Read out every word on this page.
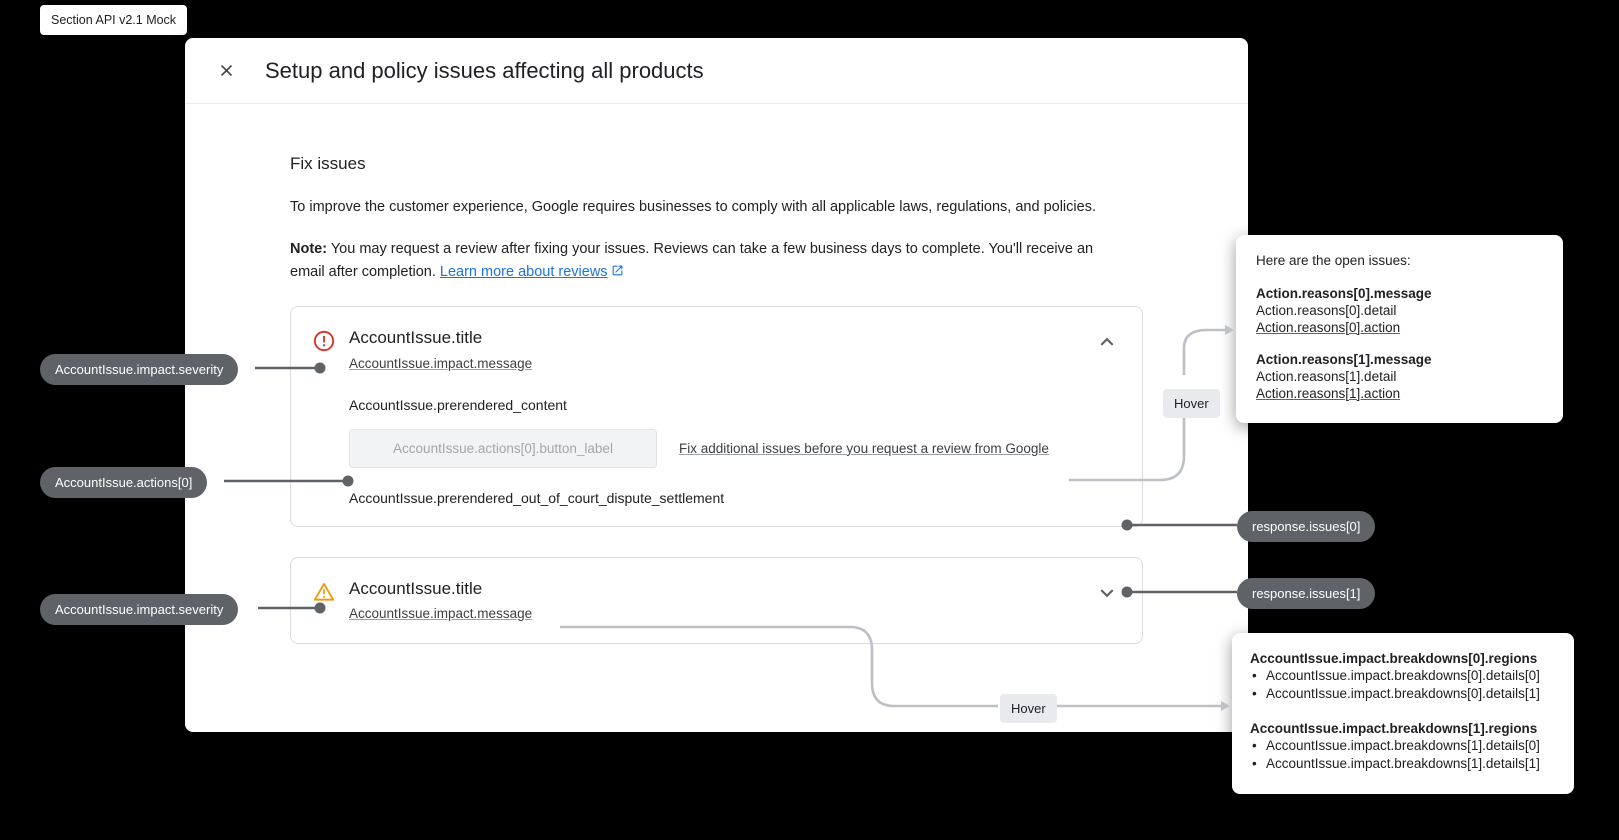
Section API v2.1 Mock
Setup and policy issues affecting all products
Fix issues

To improve the customer experience, Google requires businesses to comply with all applicable laws, regulations, and policies.

Note: You may request a review after fixing your issues. Reviews can take a few business days to complete. You'll receive an email after completion. Learn more about reviews

AccountIssue.title
AccountIssue.impact.message
AccountIssue.prerendered_content
AccountIssue.actions[0].button_label	Fix additional issues before you request a review from Google
AccountIssue.prerendered_out_of_court_dispute_settlement
AccountIssue.title
AccountIssue.impact.message
AccountIssue.impact.severity
AccountIssue.actions[0]
AccountIssue.impact.severity
response.issues[0]
response.issues[1]
Hover
Hover
Here are the open issues:
Action.reasons[0].message
Action.reasons[0].detail
Action.reasons[0].action
Action.reasons[1].message
Action.reasons[1].detail
Action.reasons[1].action
AccountIssue.impact.breakdowns[0].regions
• AccountIssue.impact.breakdowns[0].details[0]
• AccountIssue.impact.breakdowns[0].details[1]
AccountIssue.impact.breakdowns[1].regions
• AccountIssue.impact.breakdowns[1].details[0]
• AccountIssue.impact.breakdowns[1].details[1]
